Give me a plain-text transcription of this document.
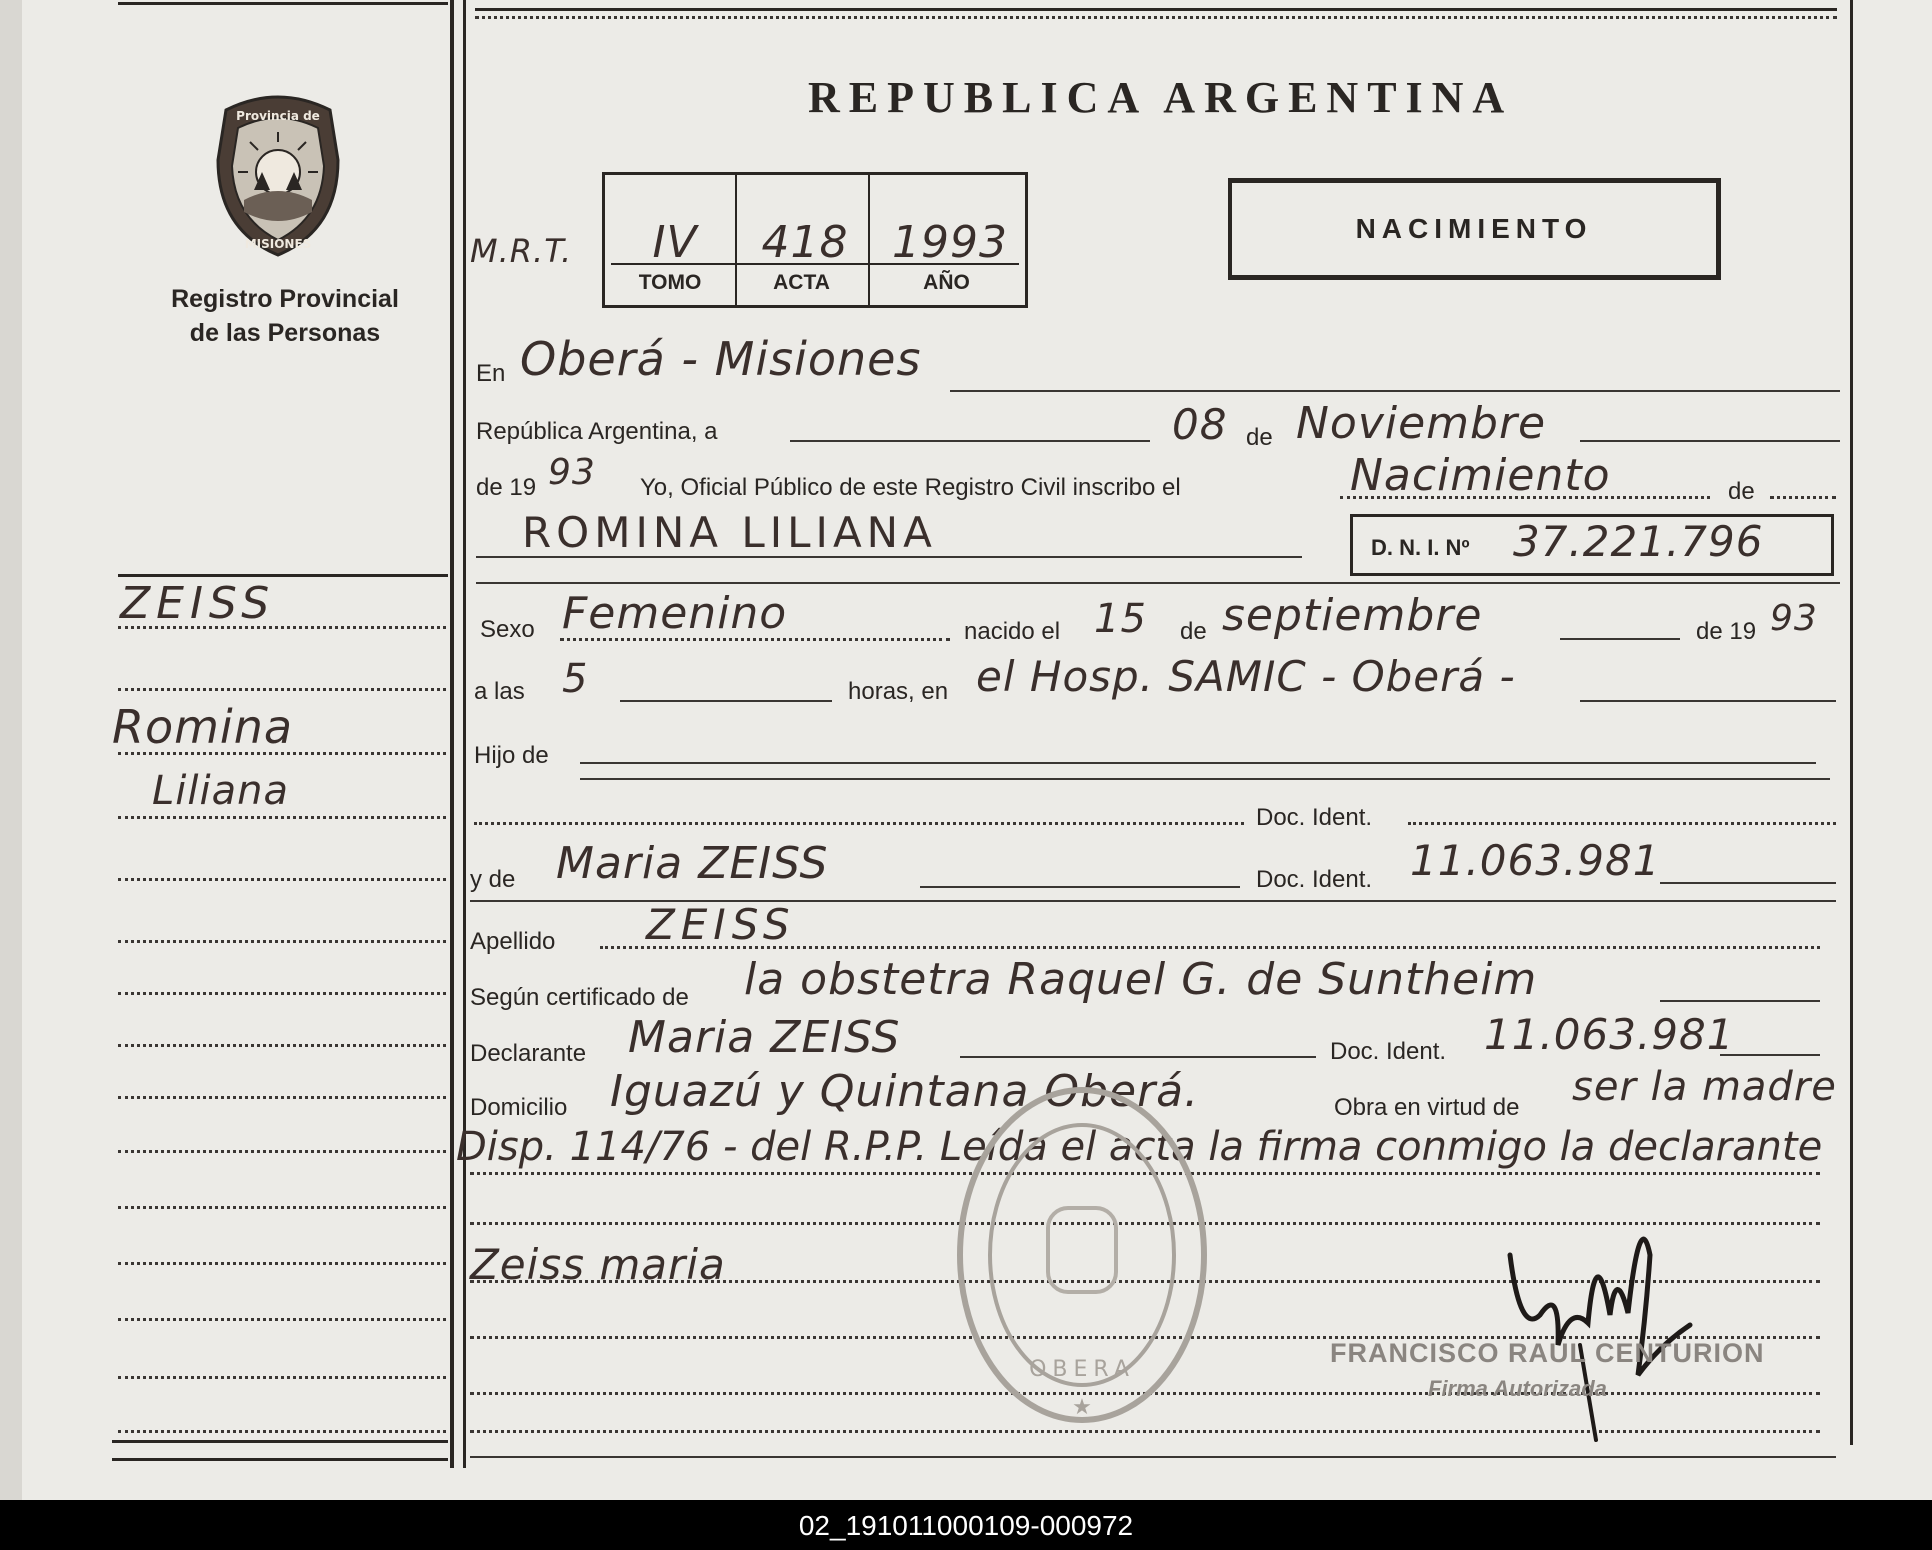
Provincia de
MISIONES
Registro Provincial
de las Personas
REPUBLICA ARGENTINA
M.R.T.	IV	418 1993
TOMO	ACTA	AÑO
NACIMIENTO
ZEISS
Romina
Liliana
En Oberá - Misiones
República Argentina, a	08 de Noviembre
de 19 93 Yo, Oficial Público de este Registro Civil inscribo el	Nacimiento	de
ROMINA LILIANA	D. N. I. Nº 37.221.796
Sexo Femenino	nacido el 15 de septiembre	de 19 93
a las 5	horas, en el Hosp. SAMIC - Oberá -
Hijo de
Doc. Ident.
y de Maria ZEISS	Doc. Ident. 11.063.981
Apellido ZEISS
Según certificado de la obstetra Raquel G. de Suntheim
Declarante Maria ZEISS	Doc. Ident. 11.063.981
Domicilio Iguazú y Quintana Oberá.	Obra en virtud de ser la madre
Disp. 114/76 - del R.P.P. Leída el acta la firma conmigo la declarante
Zeiss maria
OBERA
★
FRANCISCO RAUL CENTURION
Firma Autorizada
02_191011000109-000972
